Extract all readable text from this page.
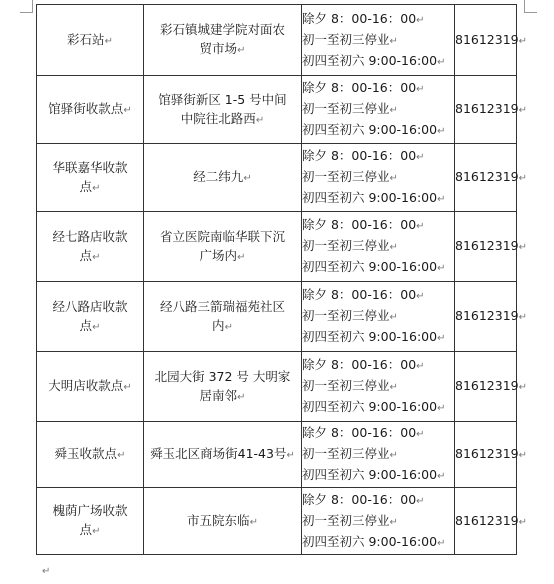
彩石站↵	彩石镇城建学院对面农
贸市场↵	除夕 8：00-16：00↵
初一至初三停业↵
初四至初六 9:00-16:00↵	81612319↵

馆驿街收款点↵	馆驿街新区 1-5 号中间
中院往北路西↵	除夕 8：00-16：00↵
初一至初三停业↵
初四至初六 9:00-16:00↵	81612319↵

华联嘉华收款
点↵	经二纬九↵	除夕 8：00-16：00↵
初一至初三停业↵
初四至初六 9:00-16:00↵	81612319↵

经七路店收款
点↵	省立医院南临华联下沉
广场内↵	除夕 8：00-16：00↵
初一至初三停业↵
初四至初六 9:00-16:00↵	81612319↵

经八路店收款
点↵	经八路三箭瑞福苑社区
内↵	除夕 8：00-16：00↵
初一至初三停业↵
初四至初六 9:00-16:00↵	81612319↵

大明店收款点↵	北园大街 372 号 大明家
居南邻↵	除夕 8：00-16：00↵
初一至初三停业↵
初四至初六 9:00-16:00↵	81612319↵

舜玉收款点↵	舜玉北区商场街41-43号↵	除夕 8：00-16：00↵
初一至初三停业↵
初四至初六 9:00-16:00↵	81612319↵

槐荫广场收款
点↵	市五院东临↵	除夕 8：00-16：00↵
初一至初三停业↵
初四至初六 9:00-16:00↵	81612319↵
↵
